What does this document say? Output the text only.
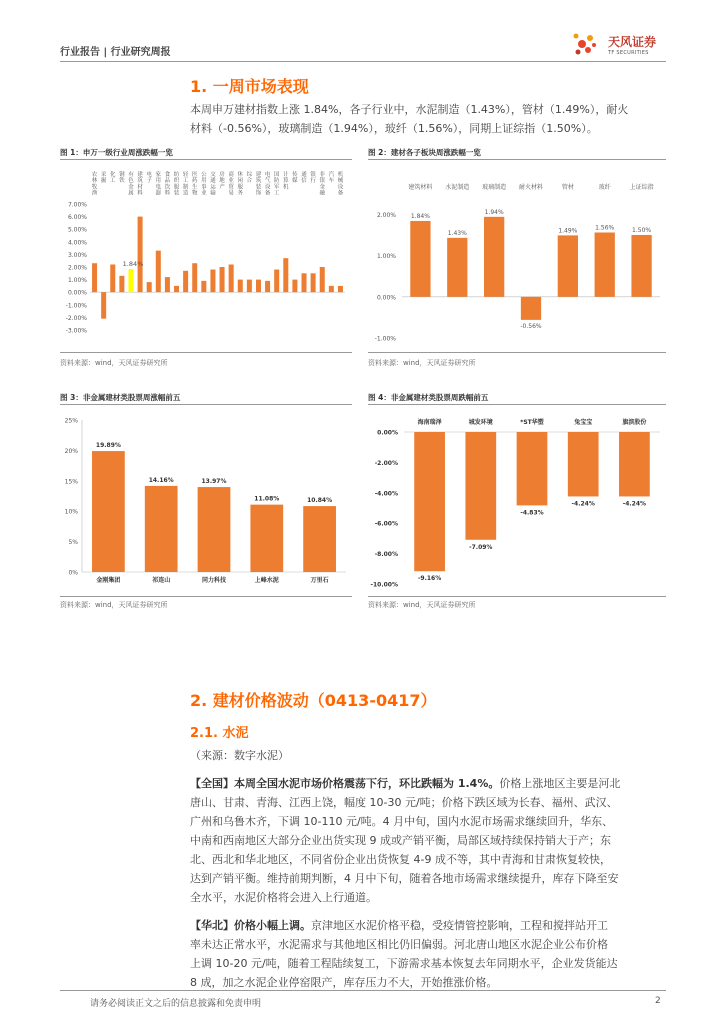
行业报告 | 行业研究周报
天风证券
TF SECURITIES
1. 一周市场表现
本周申万建材指数上涨 1.84%，各子行业中，水泥制造（1.43%），管材（1.49%），耐火
材料（-0.56%），玻璃制造（1.94%），玻纤（1.56%），同期上证综指（1.50%）。
图 1：申万一级行业周涨跌幅一览
7.00%
6.00%
5.00%
4.00%
3.00%
2.00%
1.00%
0.00%
-1.00%
-2.00%
-3.00%
农
林
牧
渔
采
掘
化
工
钢
铁
有
色
金
属
建
筑
材
料
电
子
家
用
电
器
食
品
饮
料
纺
织
服
装
轻
工
制
造
医
药
生
物
公
用
事
业
交
通
运
输
房
地
产
商
业
贸
易
休
闲
服
务
综
合
建
筑
装
饰
电
气
设
备
国
防
军
工
计
算
机
传
媒
通
信
银
行
非
银
金
融
汽
车
机
械
设
备
1.84%
资料来源：wind，天风证券研究所
图 2：建材各子板块周涨跌幅一览
2.00%
1.00%
0.00%
-1.00%
1.84%
建筑材料
1.43%
水泥制造
1.94%
玻璃制造
-0.56%
耐火材料
1.49%
管材
1.56%
玻纤
1.50%
上证综指
资料来源：wind，天风证券研究所
图 3：非金属建材类股票周涨幅前五
25%
20%
15%
10%
5%
0%
19.89%
金刚集团
14.16%
祁连山
13.97%
同力科技
11.08%
上峰水泥
10.84%
万里石
资料来源：wind，天风证券研究所
图 4：非金属建材类股票周跌幅前五
0.00%
-2.00%
-4.00%
-6.00%
-8.00%
-10.00%
-9.16%
海南瑞泽
-7.09%
城发环境
-4.83%
*ST华塑
-4.24%
兔宝宝
-4.24%
旗滨股份
资料来源：wind，天风证券研究所
2. 建材价格波动（0413-0417）
2.1. 水泥
（来源：数字水泥）
【全国】本周全国水泥市场价格震荡下行，环比跌幅为 1.4%。价格上涨地区主要是河北
唐山、甘肃、青海、江西上饶，幅度 10-30 元/吨；价格下跌区域为长春、福州、武汉、
广州和乌鲁木齐，下调 10-110 元/吨。4 月中旬，国内水泥市场需求继续回升，华东、
中南和西南地区大部分企业出货实现 9 成或产销平衡，局部区域持续保持销大于产；东
北、西北和华北地区，不同省份企业出货恢复 4-9 成不等，其中青海和甘肃恢复较快，
达到产销平衡。维持前期判断，4 月中下旬，随着各地市场需求继续提升，库存下降至安
全水平，水泥价格将会进入上行通道。
【华北】价格小幅上调。京津地区水泥价格平稳，受疫情管控影响，工程和搅拌站开工
率未达正常水平，水泥需求与其他地区相比仍旧偏弱。河北唐山地区水泥企业公布价格
上调 10-20 元/吨，随着工程陆续复工，下游需求基本恢复去年同期水平，企业发货能达
8 成，加之水泥企业停窑限产，库存压力不大，开始推涨价格。
请务必阅读正文之后的信息披露和免责申明	2
